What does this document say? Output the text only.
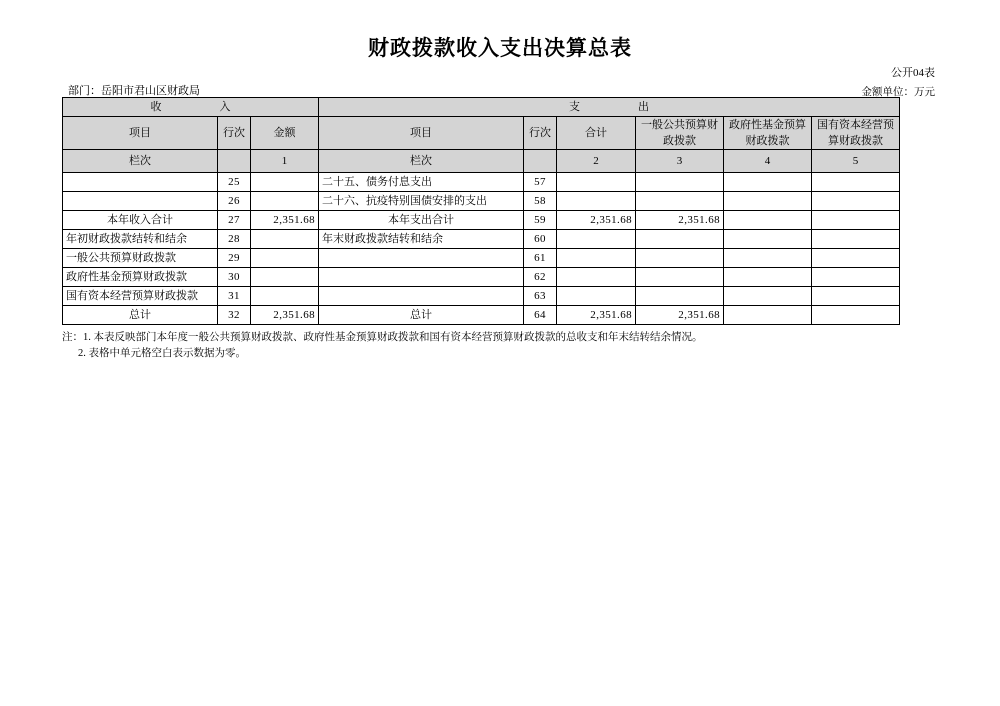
财政拨款收入支出决算总表
公开04表
部门：岳阳市君山区财政局	金额单位：万元
收　　入			支　　出					
项目	行次	金额	项目	行次	合计	一般公共预算财政拨款	政府性基金预算财政拨款	国有资本经营预算财政拨款
栏次		1	栏次		2	3	4	5
	25		二十五、债务付息支出	57				
	26		二十六、抗疫特别国债安排的支出	58				
本年收入合计	27	2,351.68	本年支出合计	59	2,351.68	2,351.68		
年初财政拨款结转和结余	28		年末财政拨款结转和结余	60				
一般公共预算财政拨款	29			61				
政府性基金预算财政拨款	30			62				
国有资本经营预算财政拨款	31			63				
总计	32	2,351.68	总计	64	2,351.68	2,351.68		
注：1. 本表反映部门本年度一般公共预算财政拨款、政府性基金预算财政拨款和国有资本经营预算财政拨款的总收支和年末结转结余情况。
2. 表格中单元格空白表示数据为零。
